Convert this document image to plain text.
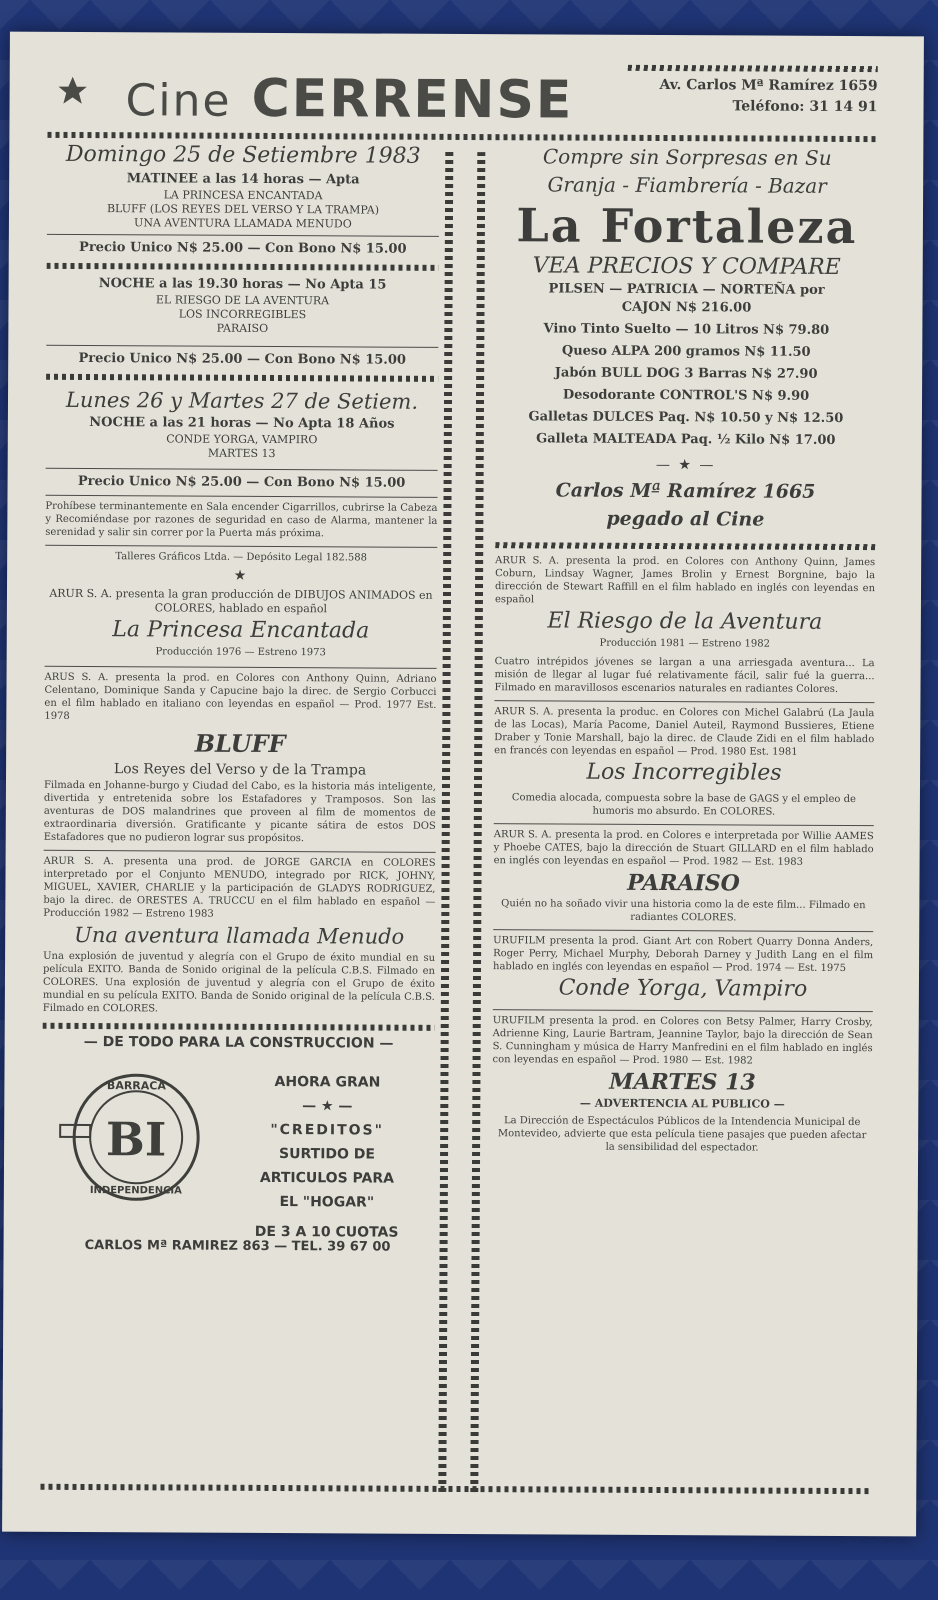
Cine CERRENSE	Av. Carlos Mª Ramírez 1659
Teléfono: 31 14 91
Domingo 25 de Setiembre 1983
MATINEE a las 14 horas — Apta
LA PRINCESA ENCANTADA
BLUFF (LOS REYES DEL VERSO Y LA TRAMPA)
UNA AVENTURA LLAMADA MENUDO
Precio Unico N$ 25.00 — Con Bono N$ 15.00
NOCHE a las 19.30 horas — No Apta 15
EL RIESGO DE LA AVENTURA
LOS INCORREGIBLES
PARAISO
Precio Unico N$ 25.00 — Con Bono N$ 15.00
Lunes 26 y Martes 27 de Setiem.
NOCHE a las 21 horas — No Apta 18 Años
CONDE YORGA, VAMPIRO
MARTES 13
Precio Unico N$ 25.00 — Con Bono N$ 15.00
Prohíbese terminantemente en Sala encender Cigarrillos, cubrirse la Cabeza y Recomiéndase por razones de seguridad en caso de Alarma, mantener la serenidad y salir sin correr por la Puerta más próxima.
Talleres Gráficos Ltda. — Depósito Legal 182.588
★
ARUR S. A. presenta la gran producción de DIBUJOS ANIMADOS en COLORES, hablado en español
La Princesa Encantada
Producción 1976 — Estreno 1973
ARUS S. A. presenta la prod. en Colores con Anthony Quinn, Adriano Celentano, Dominique Sanda y Capucine bajo la direc. de Sergio Corbucci en el film hablado en italiano con leyendas en español — Prod. 1977 Est. 1978
BLUFF
Los Reyes del Verso y de la Trampa
Filmada en Johanne-burgo y Ciudad del Cabo, es la historia más inteligente, divertida y entretenida sobre los Estafadores y Tramposos. Son las aventuras de DOS malandrines que proveen al film de momentos de extraordinaria diversión. Gratificante y picante sátira de estos DOS Estafadores que no pudieron lograr sus propósitos.
ARUR S. A. presenta una prod. de JORGE GARCIA en COLORES interpretado por el Conjunto MENUDO, integrado por RICK, JOHNY, MIGUEL, XAVIER, CHARLIE y la participación de GLADYS RODRIGUEZ, bajo la direc. de ORESTES A. TRUCCU en el film hablado en español — Producción 1982 — Estreno 1983
Una aventura llamada Menudo
Una explosión de juventud y alegría con el Grupo de éxito mundial en su película EXITO. Banda de Sonido original de la película C.B.S. Filmado en COLORES. Una explosión de juventud y alegría con el Grupo de éxito mundial en su película EXITO. Banda de Sonido original de la película C.B.S. Filmado en COLORES.
— DE TODO PARA LA CONSTRUCCION —
BARRACA
BI
INDEPENDENCIA
AHORA GRAN
— ★ —
"CREDITOS"
SURTIDO DE
ARTICULOS PARA
EL "HOGAR"
DE 3 A 10 CUOTAS
CARLOS Mª RAMIREZ 863 — TEL. 39 67 00
Compre sin Sorpresas en Su
Granja - Fiambrería - Bazar
La Fortaleza
VEA PRECIOS Y COMPARE
PILSEN — PATRICIA — NORTEÑA por
CAJON N$ 216.00
Vino Tinto Suelto — 10 Litros N$ 79.80
Queso ALPA 200 gramos N$ 11.50
Jabón BULL DOG 3 Barras N$ 27.90
Desodorante CONTROL'S N$ 9.90
Galletas DULCES Paq. N$ 10.50 y N$ 12.50
Galleta MALTEADA Paq. ½ Kilo N$ 17.00
— ★ —
Carlos Mª Ramírez 1665
pegado al Cine
ARUR S. A. presenta la prod. en Colores con Anthony Quinn, James Coburn, Lindsay Wagner, James Brolin y Ernest Borgnine, bajo la dirección de Stewart Raffill en el film hablado en inglés con leyendas en español
El Riesgo de la Aventura
Producción 1981 — Estreno 1982
Cuatro intrépidos jóvenes se largan a una arriesgada aventura... La misión de llegar al lugar fué relativamente fácil, salir fué la guerra... Filmado en maravillosos escenarios naturales en radiantes Colores.
ARUR S. A. presenta la produc. en Colores con Michel Galabrú (La Jaula de las Locas), María Pacome, Daniel Auteil, Raymond Bussieres, Etiene Draber y Tonie Marshall, bajo la direc. de Claude Zidi en el film hablado en francés con leyendas en español — Prod. 1980 Est. 1981
Los Incorregibles
Comedia alocada, compuesta sobre la base de GAGS y el empleo de humoris mo absurdo. En COLORES.
ARUR S. A. presenta la prod. en Colores e interpretada por Willie AAMES y Phoebe CATES, bajo la dirección de Stuart GILLARD en el film hablado en inglés con leyendas en español — Prod. 1982 — Est. 1983
PARAISO
Quién no ha soñado vivir una historia como la de este film... Filmado en radiantes COLORES.
URUFILM presenta la prod. Giant Art con Robert Quarry Donna Anders, Roger Perry, Michael Murphy, Deborah Darney y Judith Lang en el film hablado en inglés con leyendas en español — Prod. 1974 — Est. 1975
Conde Yorga, Vampiro
URUFILM presenta la prod. en Colores con Betsy Palmer, Harry Crosby, Adrienne King, Laurie Bartram, Jeannine Taylor, bajo la dirección de Sean S. Cunningham y música de Harry Manfredini en el film hablado en inglés con leyendas en español — Prod. 1980 — Est. 1982
MARTES 13
— ADVERTENCIA AL PUBLICO —
La Dirección de Espectáculos Públicos de la Intendencia Municipal de Montevideo, advierte que esta película tiene pasajes que pueden afectar la sensibilidad del espectador.
